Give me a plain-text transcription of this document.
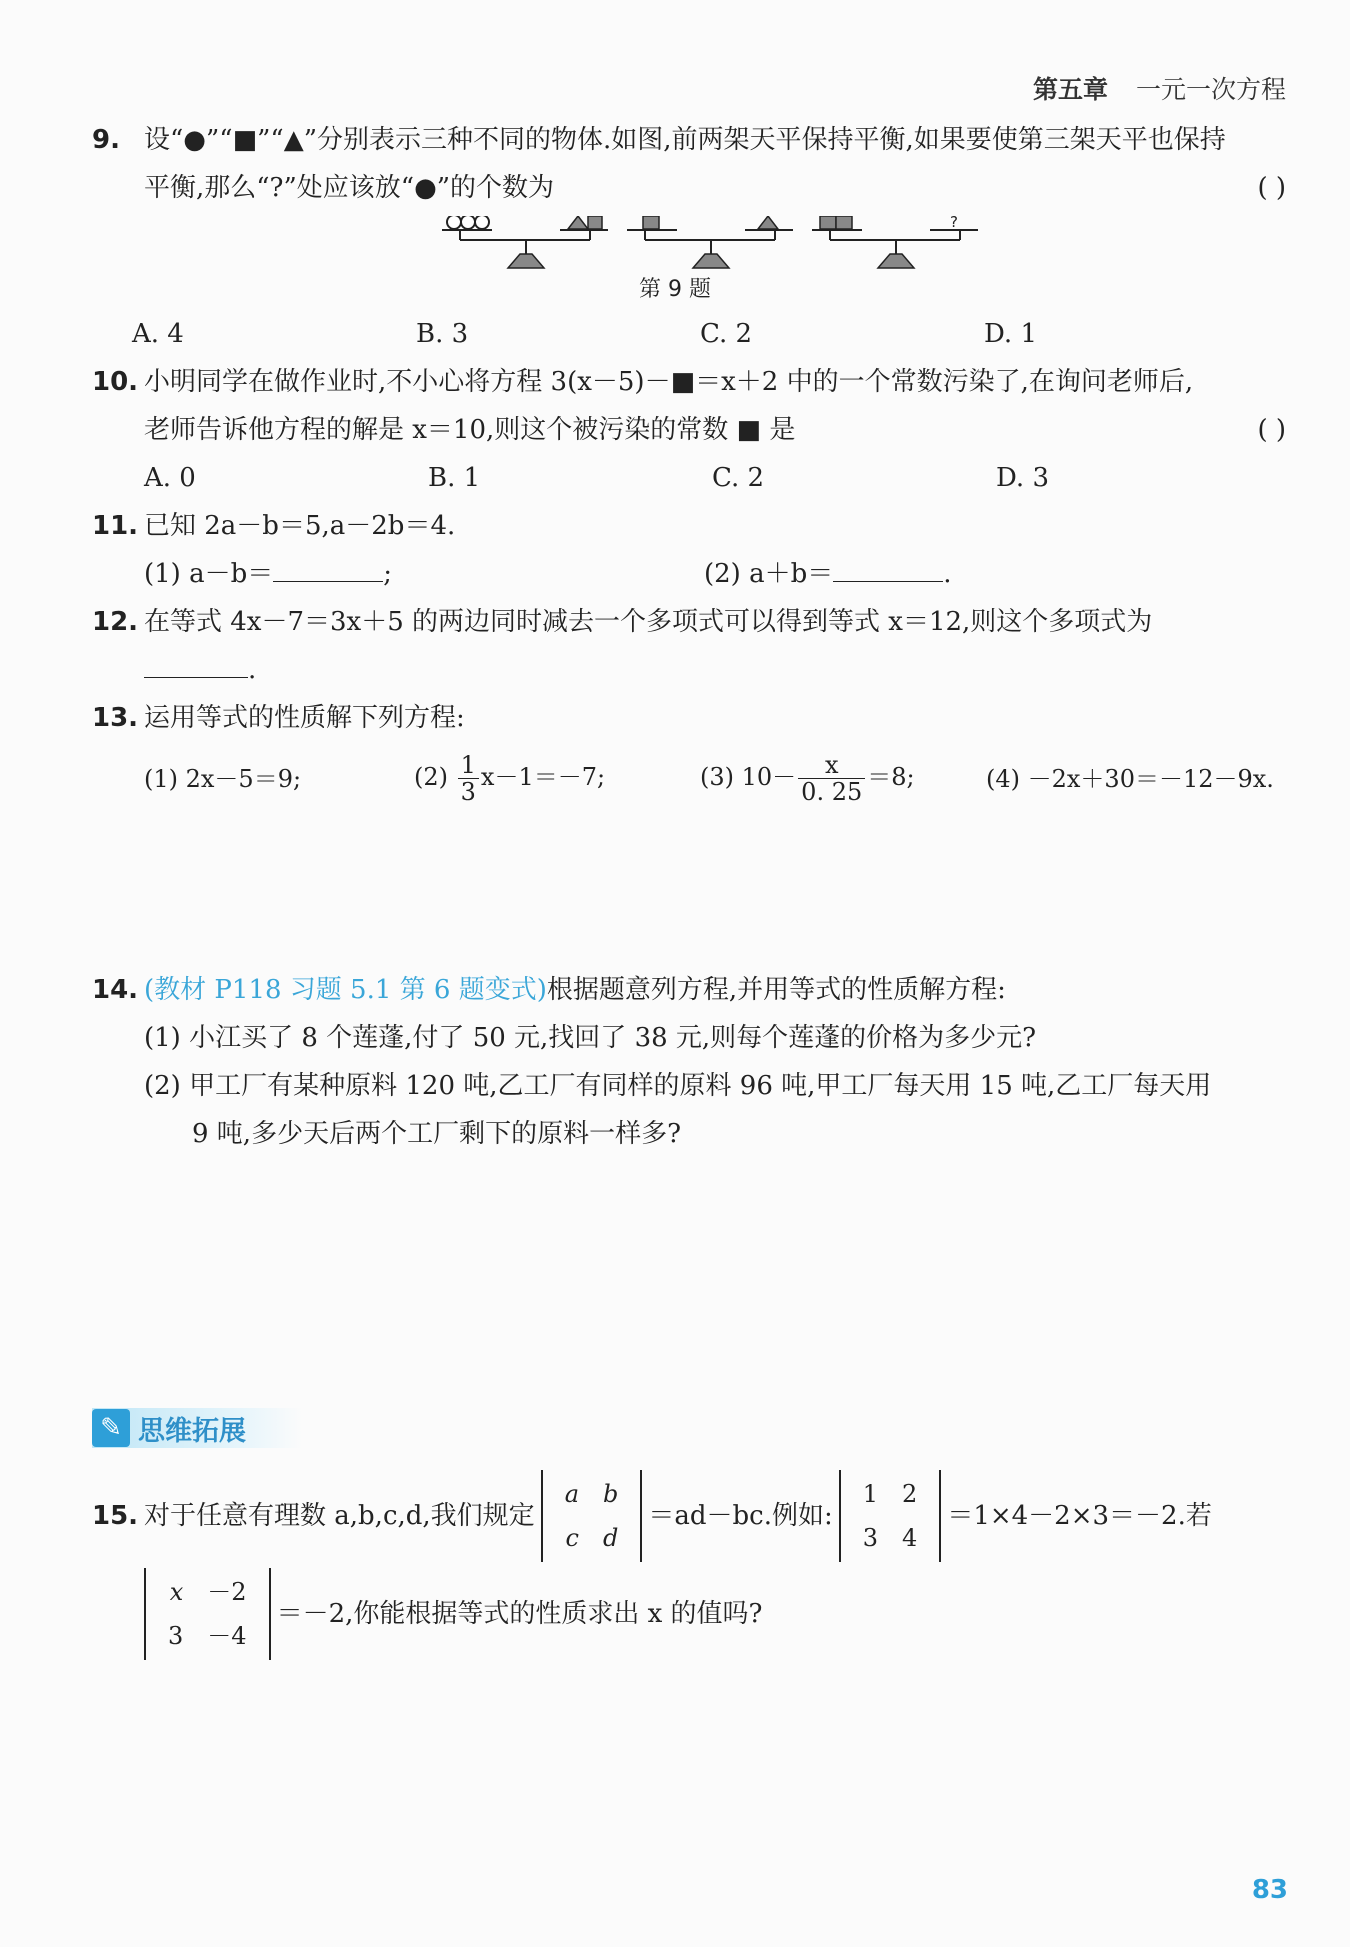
第五章 一元一次方程
9. 设“●”“■”“▲”分别表示三种不同的物体.如图,前两架天平保持平衡,如果要使第三架天平也保持
平衡,那么“?”处应该放“●”的个数为	( )
?
第 9 题
A. 4	B. 3	C. 2	D. 1
10. 小明同学在做作业时,不小心将方程 3(x－5)－■＝x＋2 中的一个常数污染了,在询问老师后,
老师告诉他方程的解是 x＝10,则这个被污染的常数 ■ 是	( )
A. 0	B. 1	C. 2	D. 3
11. 已知 2a－b＝5,a－2b＝4.
(1) a－b＝	;	(2) a＋b＝	.
12. 在等式 4x－7＝3x＋5 的两边同时减去一个多项式可以得到等式 x＝12,则这个多项式为
.
13. 运用等式的性质解下列方程:
(1) 2x－5＝9;	$(2) \frac{1}{3} x-1=-7$;	(3) $10- \frac{x}{0. 25} =8$;	(4) －2x＋30＝－12－9x.
14. (教材 P118 习题 5.1 第 6 题变式)根据题意列方程,并用等式的性质解方程:
(1) 小江买了 8 个莲蓬,付了 50 元,找回了 38 元,则每个莲蓬的价格为多少元?
(2) 甲工厂有某种原料 120 吨,乙工厂有同样的原料 96 吨,甲工厂每天用 15 吨,乙工厂每天用
9 吨,多少天后两个工厂剩下的原料一样多?
✎ 思维拓展
15. 对于任意有理数 a,b,c,d,我们规定
a	b
c	d
＝ad－bc.例如:
1	2
3	4
＝1×4－2×3＝－2.若
x	－2
3	－4
＝－2,你能根据等式的性质求出 x 的值吗?
83
